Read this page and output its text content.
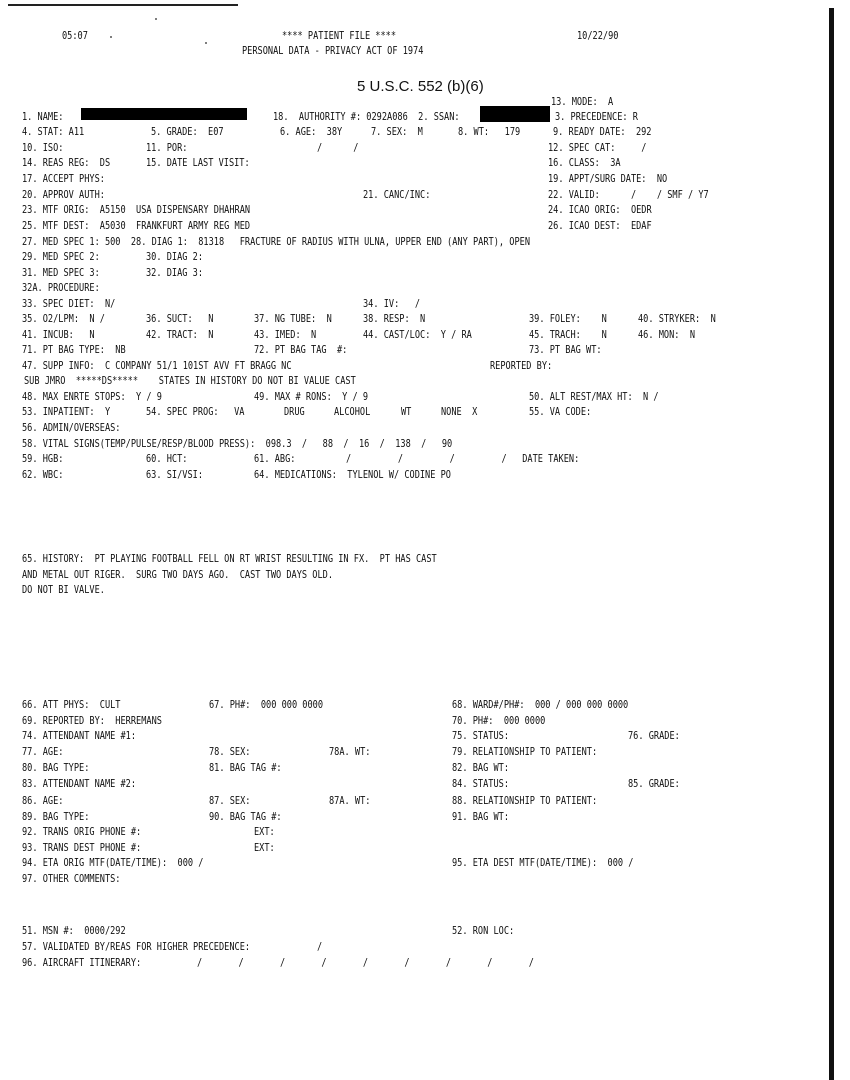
05:07	**** PATIENT FILE ****	10/22/90
PERSONAL DATA - PRIVACY ACT OF 1974
5 U.S.C. 552 (b)(6)
13. MODE:  A
1. NAME:	18.  AUTHORITY #: 0292A086  2. SSAN:	3. PRECEDENCE: R
4. STAT: A11	5. GRADE:  E07	6. AGE:  38Y	7. SEX:  M	8. WT:   179	9. READY DATE:  292
10. ISO:	11. POR:	/      /	12. SPEC CAT:     /
14. REAS REG:  DS	15. DATE LAST VISIT:	16. CLASS:  3A
17. ACCEPT PHYS:	19. APPT/SURG DATE:  NO
20. APPROV AUTH:	21. CANC/INC:	22. VALID:      /    / SMF / Y7
23. MTF ORIG:  A5150  USA DISPENSARY DHAHRAN	24. ICAO ORIG:  OEDR
25. MTF DEST:  A5030  FRANKFURT ARMY REG MED	26. ICAO DEST:  EDAF
27. MED SPEC 1: 500  28. DIAG 1:  81318   FRACTURE OF RADIUS WITH ULNA, UPPER END (ANY PART), OPEN
29. MED SPEC 2:	30. DIAG 2:
31. MED SPEC 3:	32. DIAG 3:
32A. PROCEDURE:
33. SPEC DIET:  N/	34. IV:   /
35. O2/LPM:  N /	36. SUCT:   N	37. NG TUBE:  N	38. RESP:  N	39. FOLEY:    N	40. STRYKER:  N
41. INCUB:   N	42. TRACT:  N	43. IMED:  N	44. CAST/LOC:  Y / RA	45. TRACH:    N	46. MON:  N
71. PT BAG TYPE:  NB	72. PT BAG TAG  #:	73. PT BAG WT:
47. SUPP INFO:  C COMPANY 51/1 101ST AVV FT BRAGG NC	REPORTED BY:
SUB JMRO  *****DS*****    STATES IN HISTORY DO NOT BI VALUE CAST
48. MAX ENRTE STOPS:  Y / 9	49. MAX # RONS:  Y / 9	50. ALT REST/MAX HT:  N /
53. INPATIENT:  Y	54. SPEC PROG:   VA	DRUG	ALCOHOL	WT	NONE  X	55. VA CODE:
56. ADMIN/OVERSEAS:
58. VITAL SIGNS(TEMP/PULSE/RESP/BLOOD PRESS):  098.3  /   88  /  16  /  138  /   90
59. HGB:	60. HCT:	61. ABG:	/         /         /         /   DATE TAKEN:
62. WBC:	63. SI/VSI:	64. MEDICATIONS:  TYLENOL W/ CODINE PO
65. HISTORY:  PT PLAYING FOOTBALL FELL ON RT WRIST RESULTING IN FX.  PT HAS CAST
AND METAL OUT RIGER.  SURG TWO DAYS AGO.  CAST TWO DAYS OLD.
DO NOT BI VALVE.
66. ATT PHYS:  CULT	67. PH#:  000 000 0000	68. WARD#/PH#:  000 / 000 000 0000
69. REPORTED BY:  HERREMANS	70. PH#:  000 0000
74. ATTENDANT NAME #1:	75. STATUS:	76. GRADE:
77. AGE:	78. SEX:	78A. WT:	79. RELATIONSHIP TO PATIENT:
80. BAG TYPE:	81. BAG TAG #:	82. BAG WT:
83. ATTENDANT NAME #2:	84. STATUS:	85. GRADE:
86. AGE:	87. SEX:	87A. WT:	88. RELATIONSHIP TO PATIENT:
89. BAG TYPE:	90. BAG TAG #:	91. BAG WT:
92. TRANS ORIG PHONE #:	EXT:
93. TRANS DEST PHONE #:	EXT:
94. ETA ORIG MTF(DATE/TIME):  000 /	95. ETA DEST MTF(DATE/TIME):  000 /
97. OTHER COMMENTS:
51. MSN #:  0000/292	52. RON LOC:
57. VALIDATED BY/REAS FOR HIGHER PRECEDENCE:	/
96. AIRCRAFT ITINERARY:	/       /       /       /       /       /       /       /       /
